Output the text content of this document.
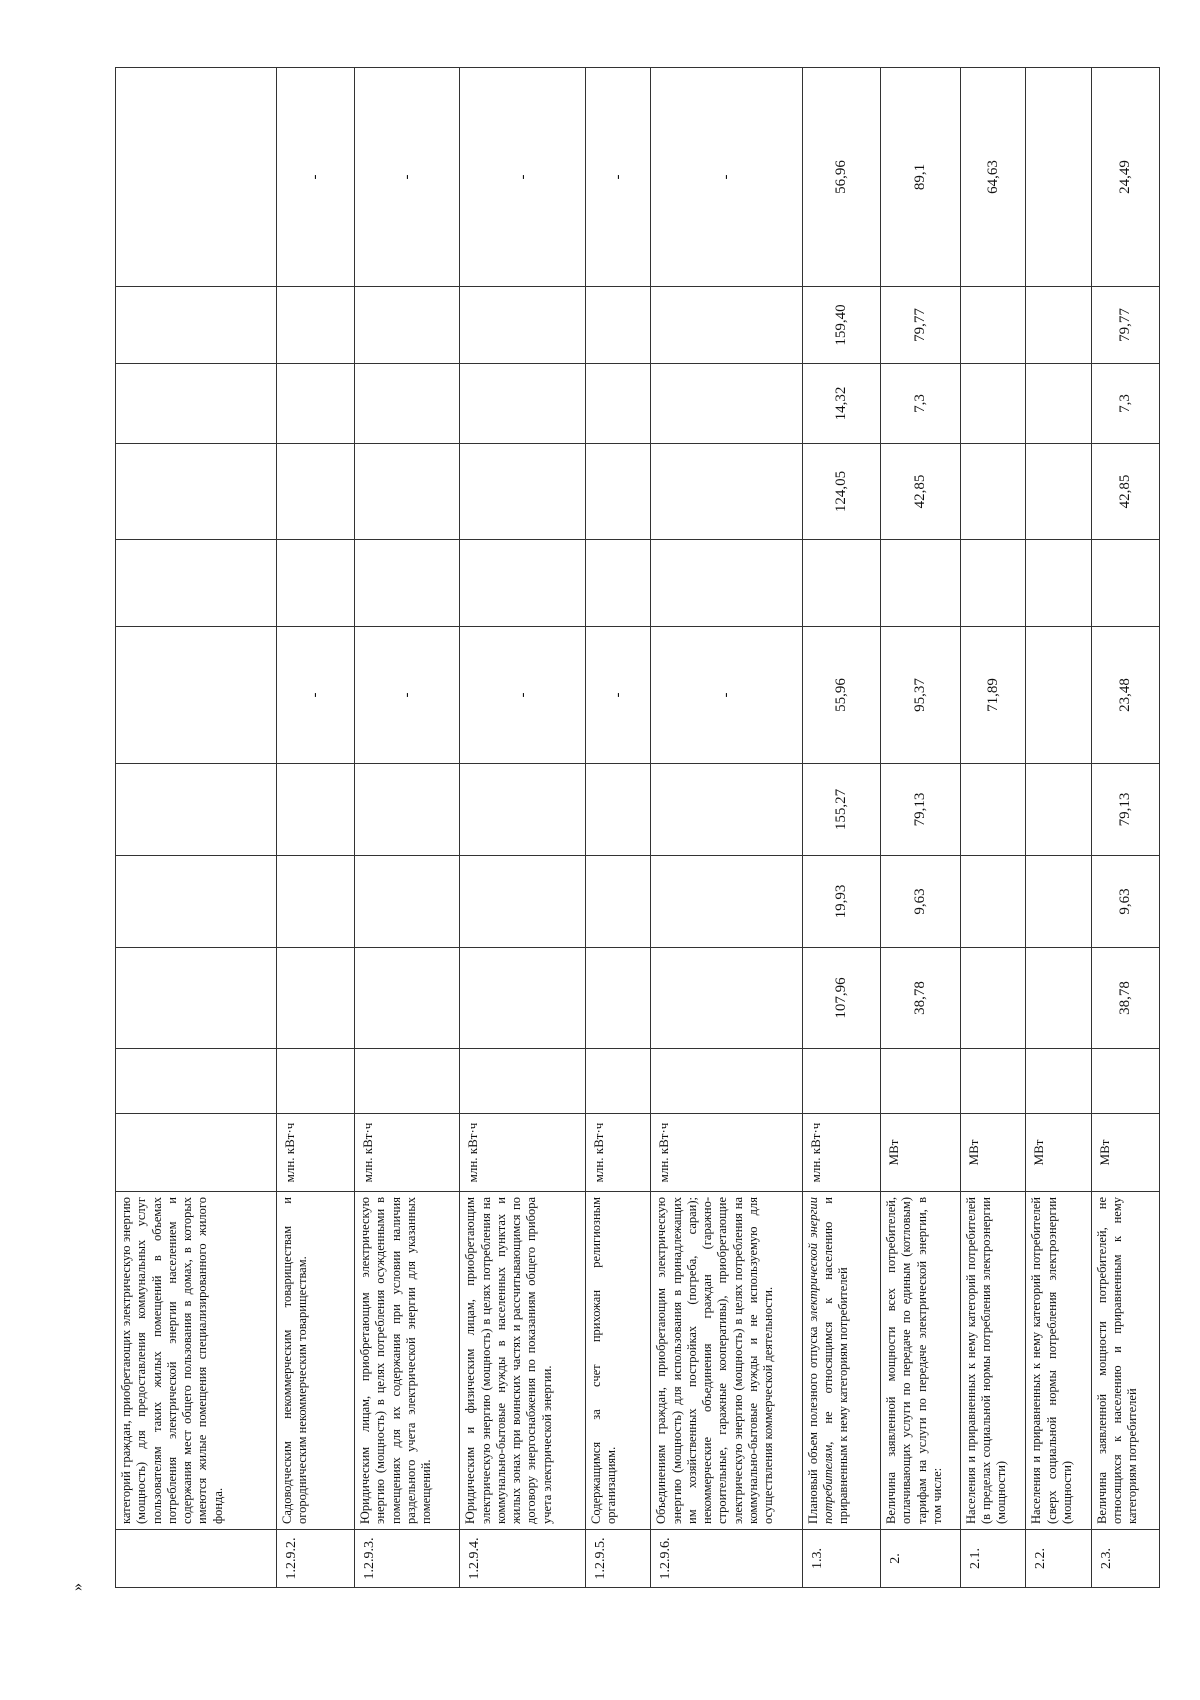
	категорий граждан, приобретающих электрическую энергию (мощность) для предоставления коммунальных услуг пользователям таких жилых помещений в объемах потребления электрической энергии населением и содержания мест общего пользования в домах, в которых имеются жилые помещения специализированного жилого фонда.											
1.2.9.2.	Садоводческим некоммерческим товариществам и огородническим некоммерческим товариществам.	млн. кВт·ч					-					-
1.2.9.3.	Юридическим лицам, приобретающим электрическую энергию (мощность) в целях потребления осужденными в помещениях для их содержания при условии наличия раздельного учета электрической энергии для указанных помещений.	млн. кВт·ч					-					-
1.2.9.4.	Юридическим и физическим лицам, приобретающим электрическую энергию (мощность) в целях потребления на коммунально-бытовые нужды в населенных пунктах и жилых зонах при воинских частях и рассчитывающимся по договору энергоснабжения по показаниям общего прибора учета электрической энергии.	млн. кВт·ч					-					-
1.2.9.5.	Содержащимся за счет прихожан религиозным организациям.	млн. кВт·ч					-					-
1.2.9.6.	Объединениям граждан, приобретающим электрическую энергию (мощность) для использования в принадлежащих им хозяйственных постройках (погреба, сараи); некоммерческие объединения граждан (гаражно-строительные, гаражные кооперативы), приобретающие электрическую энергию (мощность) в целях потребления на коммунально-бытовые нужды и не используемую для осуществления коммерческой деятельности.	млн. кВт·ч					-					-
1.3.	Плановый объем полезного отпуска электрической энергии потребителям, не относящимся к населению и приравненным к нему категориям потребителей	млн. кВт·ч		107,96	19,93	155,27	55,96		124,05	14,32	159,40	56,96
2.	Величина заявленной мощности всех потребителей, оплачивающих услуги по передаче по единым (котловым) тарифам на услуги по передаче электрической энергии, в том числе:	МВт		38,78	9,63	79,13	95,37		42,85	7,3	79,77	89,1
2.1.	Населения и приравненных к нему категорий потребителей (в пределах социальной нормы потребления электроэнергии (мощности)	МВт					71,89					64,63
2.2.	Населения и приравненных к нему категорий потребителей (сверх социальной нормы потребления электроэнергии (мощности)	МВт										
2.3.	Величина заявленной мощности потребителей, не относящихся к населению и приравненным к нему категориям потребителей	МВт		38,78	9,63	79,13	23,48		42,85	7,3	79,77	24,49
»
